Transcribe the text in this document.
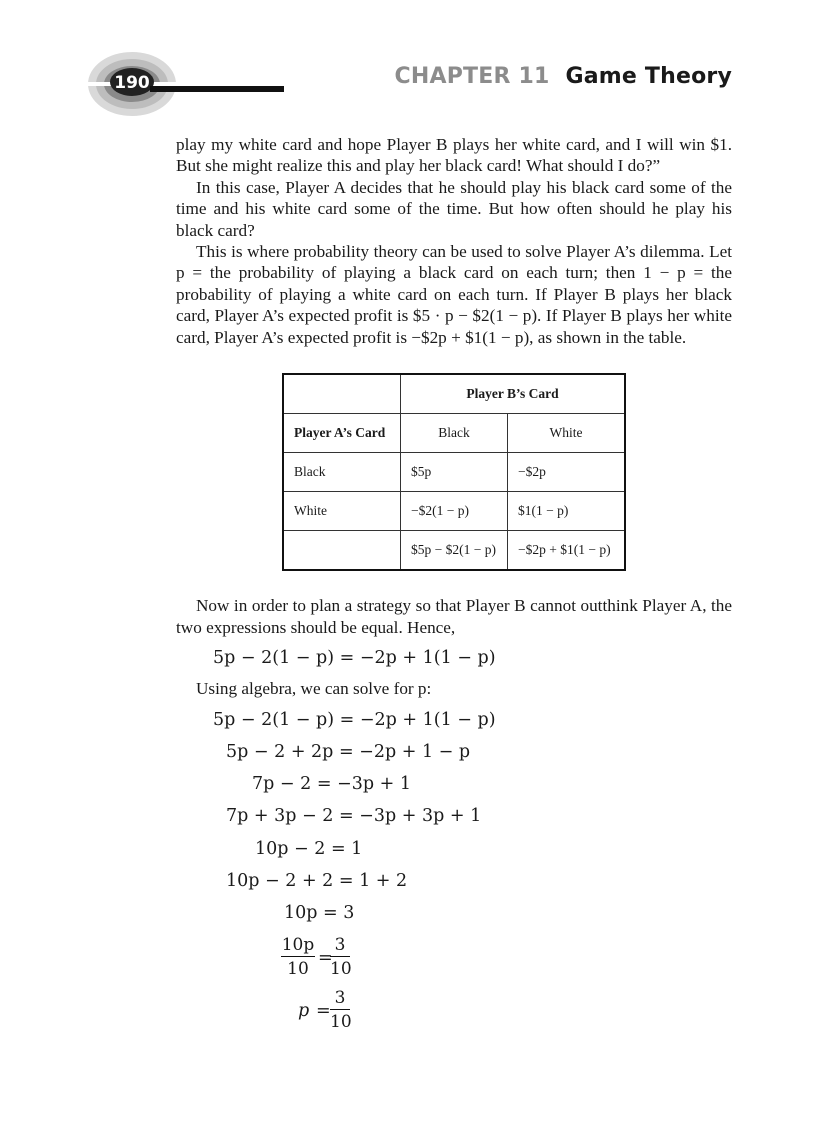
190	CHAPTER 11 Game Theory

play my white card and hope Player B plays her white card, and I will win $1. But she might realize this and play her black card! What should I do?”

In this case, Player A decides that he should play his black card some of the time and his white card some of the time. But how often should he play his black card?

This is where probability theory can be used to solve Player A’s dilemma. Let p = the probability of playing a black card on each turn; then 1 − p = the probability of playing a white card on each turn. If Player B plays her black card, Player A’s expected profit is $5 · p − $2(1 − p). If Player B plays her white card, Player A’s expected profit is −$2p + $1(1 − p), as shown in the table.

	Player B’s Card	
Player A’s Card	Black	White
Black	$5p	−$2p
White	−$2(1 − p)	$1(1 − p)
	$5p − $2(1 − p)	−$2p + $1(1 − p)

Now in order to plan a strategy so that Player B cannot outthink Player A, the two expressions should be equal. Hence,

5p − 2(1 − p) = −2p + 1(1 − p)

Using algebra, we can solve for p:

5p − 2(1 − p) = −2p + 1(1 − p)
5p − 2 + 2p = −2p + 1 − p
7p − 2 = −3p + 1
7p + 3p − 2 = −3p + 3p + 1
10p − 2 = 1
10p − 2 + 2 = 1 + 2
10p = 3
10p
10
=
3
10
p =
3
10
